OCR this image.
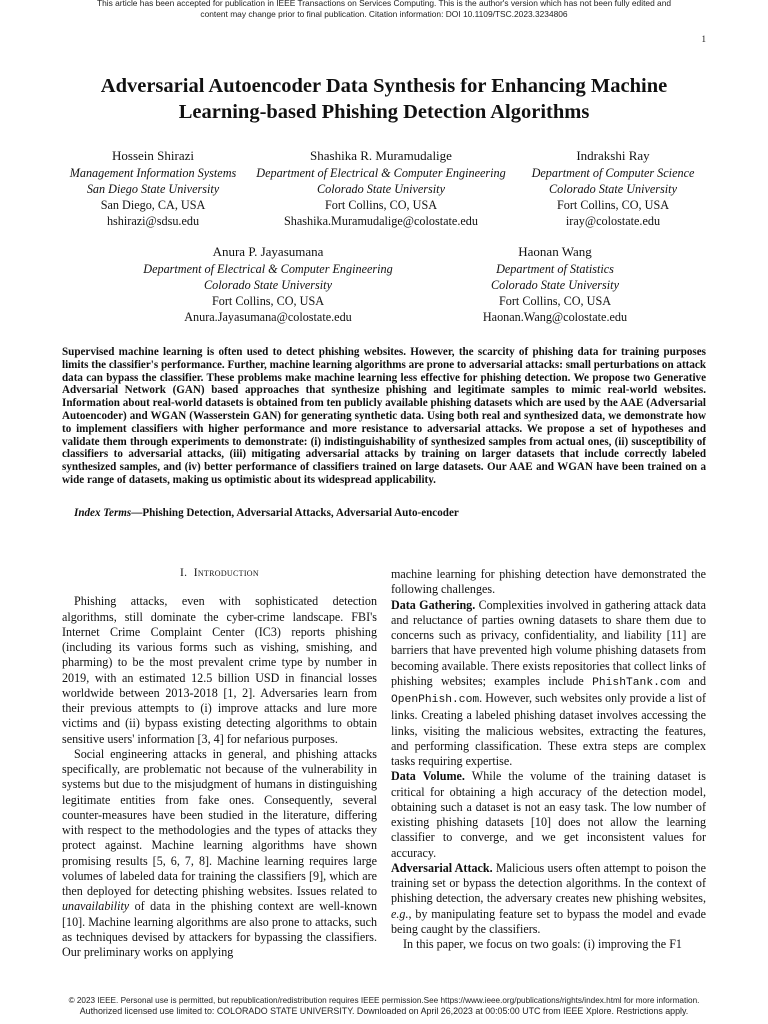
This article has been accepted for publication in IEEE Transactions on Services Computing. This is the author's version which has not been fully edited and
content may change prior to final publication. Citation information: DOI 10.1109/TSC.2023.3234806
1
Adversarial Autoencoder Data Synthesis for Enhancing Machine
Learning-based Phishing Detection Algorithms
Hossein Shirazi
Management Information Systems
San Diego State University
San Diego, CA, USA
hshirazi@sdsu.edu
Shashika R. Muramudalige
Department of Electrical & Computer Engineering
Colorado State University
Fort Collins, CO, USA
Shashika.Muramudalige@colostate.edu
Indrakshi Ray
Department of Computer Science
Colorado State University
Fort Collins, CO, USA
iray@colostate.edu
Anura P. Jayasumana
Department of Electrical & Computer Engineering
Colorado State University
Fort Collins, CO, USA
Anura.Jayasumana@colostate.edu
Haonan Wang
Department of Statistics
Colorado State University
Fort Collins, CO, USA
Haonan.Wang@colostate.edu
Supervised machine learning is often used to detect phishing websites. However, the scarcity of phishing data for training purposes limits the classifier's performance. Further, machine learning algorithms are prone to adversarial attacks: small perturbations on attack data can bypass the classifier. These problems make machine learning less effective for phishing detection. We propose two Generative Adversarial Network (GAN) based approaches that synthesize phishing and legitimate samples to mimic real-world websites. Information about real-world datasets is obtained from ten publicly available phishing datasets which are used by the AAE (Adversarial Autoencoder) and WGAN (Wasserstein GAN) for generating synthetic data. Using both real and synthesized data, we demonstrate how to implement classifiers with higher performance and more resistance to adversarial attacks. We propose a set of hypotheses and validate them through experiments to demonstrate: (i) indistinguishability of synthesized samples from actual ones, (ii) susceptibility of classifiers to adversarial attacks, (iii) mitigating adversarial attacks by training on larger datasets that include correctly labeled synthesized samples, and (iv) better performance of classifiers trained on large datasets. Our AAE and WGAN have been trained on a wide range of datasets, making us optimistic about its widespread applicability.
Index Terms—Phishing Detection, Adversarial Attacks, Adversarial Auto-encoder
I. Introduction

Phishing attacks, even with sophisticated detection algorithms, still dominate the cyber-crime landscape. FBI's Internet Crime Complaint Center (IC3) reports phishing (including its various forms such as vishing, smishing, and pharming) to be the most prevalent crime type by number in 2019, with an estimated 12.5 billion USD in financial losses worldwide between 2013-2018 [1, 2]. Adversaries learn from their previous attempts to (i) improve attacks and lure more victims and (ii) bypass existing detecting algorithms to obtain sensitive users' information [3, 4] for nefarious purposes.

Social engineering attacks in general, and phishing attacks specifically, are problematic not because of the vulnerability in systems but due to the misjudgment of humans in distinguishing legitimate entities from fake ones. Consequently, several counter-measures have been studied in the literature, differing with respect to the methodologies and the types of attacks they protect against. Machine learning algorithms have shown promising results [5, 6, 7, 8]. Machine learning requires large volumes of labeled data for training the classifiers [9], which are then deployed for detecting phishing websites. Issues related to unavailability of data in the phishing context are well-known [10]. Machine learning algorithms are also prone to attacks, such as techniques devised by attackers for bypassing the classifiers. Our preliminary works on applying

machine learning for phishing detection have demonstrated the following challenges.

Data Gathering. Complexities involved in gathering attack data and reluctance of parties owning datasets to share them due to concerns such as privacy, confidentiality, and liability [11] are barriers that have prevented high volume phishing datasets from becoming available. There exists repositories that collect links of phishing websites; examples include PhishTank.com and OpenPhish.com. However, such websites only provide a list of links. Creating a labeled phishing dataset involves accessing the links, visiting the malicious websites, extracting the features, and performing classification. These extra steps are complex tasks requiring expertise.

Data Volume. While the volume of the training dataset is critical for obtaining a high accuracy of the detection model, obtaining such a dataset is not an easy task. The low number of existing phishing datasets [10] does not allow the learning classifier to converge, and we get inconsistent values for accuracy.

Adversarial Attack. Malicious users often attempt to poison the training set or bypass the detection algorithms. In the context of phishing detection, the adversary creates new phishing websites, e.g., by manipulating feature set to bypass the model and evade being caught by the classifiers.

In this paper, we focus on two goals: (i) improving the F1

© 2023 IEEE. Personal use is permitted, but republication/redistribution requires IEEE permission.See https://www.ieee.org/publications/rights/index.html for more information.
Authorized licensed use limited to: COLORADO STATE UNIVERSITY. Downloaded on April 26,2023 at 00:05:00 UTC from IEEE Xplore. Restrictions apply.
